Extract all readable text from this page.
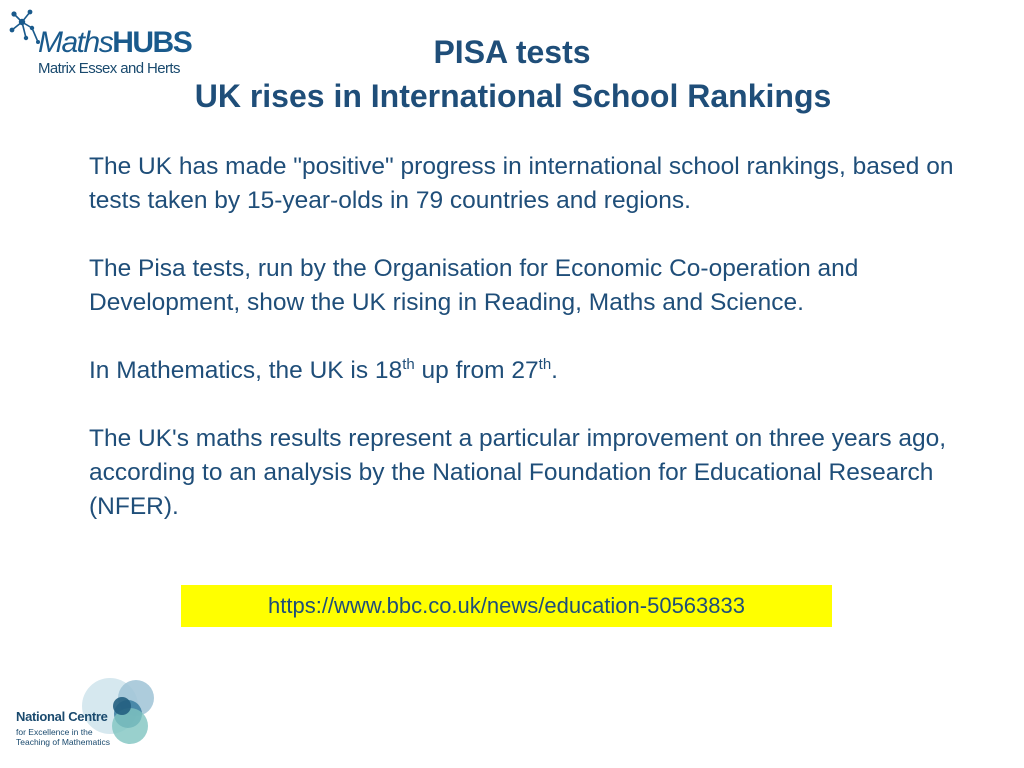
MathsHUBS
Matrix Essex and Herts	PISA tests
UK rises in International School Rankings

The UK has made "positive" progress in international school rankings, based on tests taken by 15-year-olds in 79 countries and regions.

The Pisa tests, run by the Organisation for Economic Co-operation and Development, show the UK rising in Reading, Maths and Science.

In Mathematics, the UK is 18th up from 27th.

The UK's maths results represent a particular improvement on three years ago, according to an analysis by the National Foundation for Educational Research (NFER).

https://www.bbc.co.uk/news/education-50563833
National Centre
for Excellence in the
Teaching of Mathematics
